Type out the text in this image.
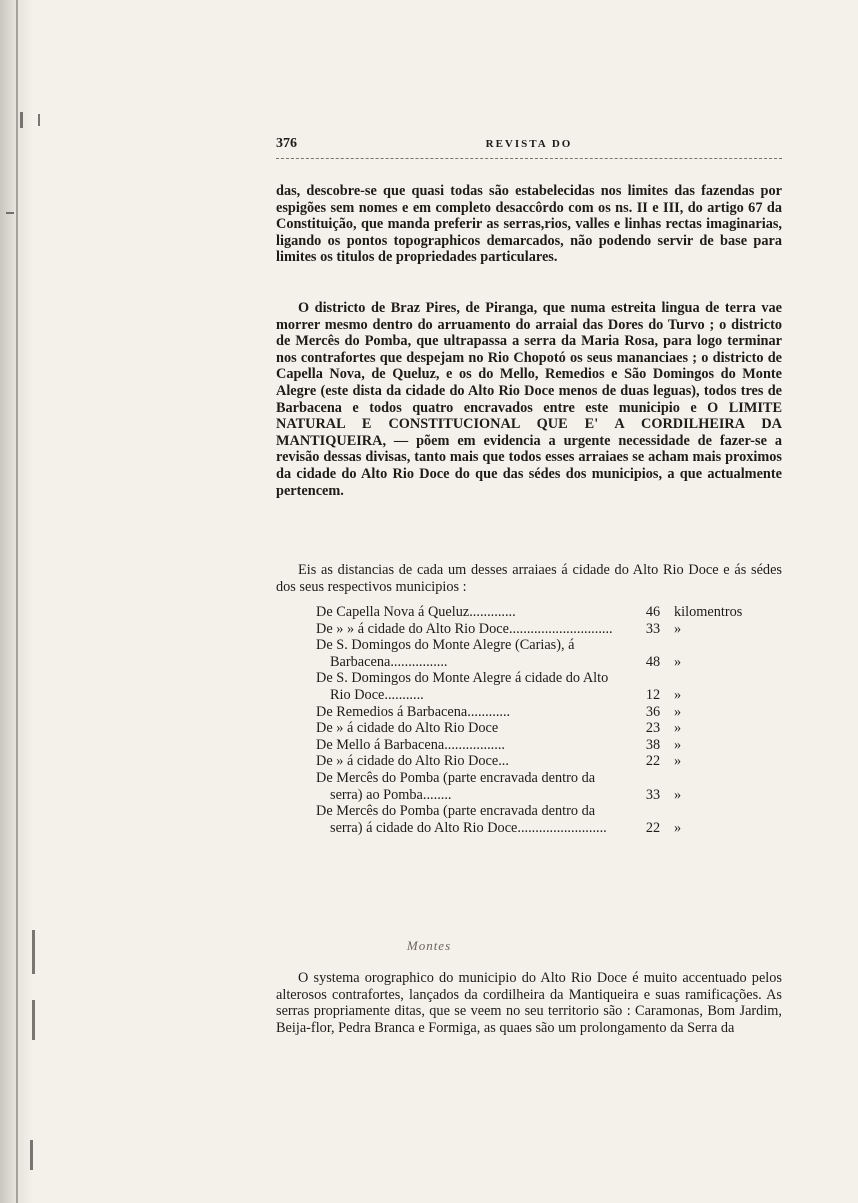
376	REVISTA DO

das, descobre-se que quasi todas são estabelecidas nos limites das fazendas por espigões sem nomes e em completo desaccôrdo com os ns. II e III, do artigo 67 da Constituição, que manda preferir as serras,rios, valles e linhas rectas imaginarias, ligando os pontos topographicos demarcados, não podendo servir de base para limites os titulos de propriedades particulares.

O districto de Braz Pires, de Piranga, que numa estreita lingua de terra vae morrer mesmo dentro do arruamento do arraial das Dores do Turvo ; o districto de Mercês do Pomba, que ultrapassa a serra da Maria Rosa, para logo terminar nos contrafortes que despejam no Rio Chopotó os seus mananciaes ; o districto de Capella Nova, de Queluz, e os do Mello, Remedios e São Domingos do Monte Alegre (este dista da cidade do Alto Rio Doce menos de duas leguas), todos tres de Barbacena e todos quatro encravados entre este municipio e O LIMITE NATURAL E CONSTITUCIONAL QUE E' A CORDILHEIRA DA MANTIQUEIRA, — põem em evidencia a urgente necessidade de fazer-se a revisão dessas divisas, tanto mais que todos esses arraiaes se acham mais proximos da cidade do Alto Rio Doce do que das sédes dos municipios, a que actualmente pertencem.

Eis as distancias de cada um desses arraiaes á cidade do Alto Rio Doce e ás sédes dos seus respectivos municipios :

De Capella Nova á Queluz.............	46 kilomentros
De » » á cidade do Alto Rio Doce.............................	33 »
De S. Domingos do Monte Alegre (Carias), á Barbacena................	48 »
De S. Domingos do Monte Alegre á cidade do Alto Rio Doce...........	12 »
De Remedios á Barbacena............	36 »
De » á cidade do Alto Rio Doce	23 »
De Mello á Barbacena.................	38 »
De » á cidade do Alto Rio Doce...	22 »
De Mercês do Pomba (parte encravada dentro da serra) ao Pomba........	33 »
De Mercês do Pomba (parte encravada dentro da serra) á cidade do Alto Rio Doce.........................	22 »
Montes

O systema orographico do municipio do Alto Rio Doce é muito accentuado pelos alterosos contrafortes, lançados da cordilheira da Mantiqueira e suas ramificações. As serras propriamente ditas, que se veem no seu territorio são : Caramonas, Bom Jardim, Beija-flor, Pedra Branca e Formiga, as quaes são um prolongamento da Serra da
